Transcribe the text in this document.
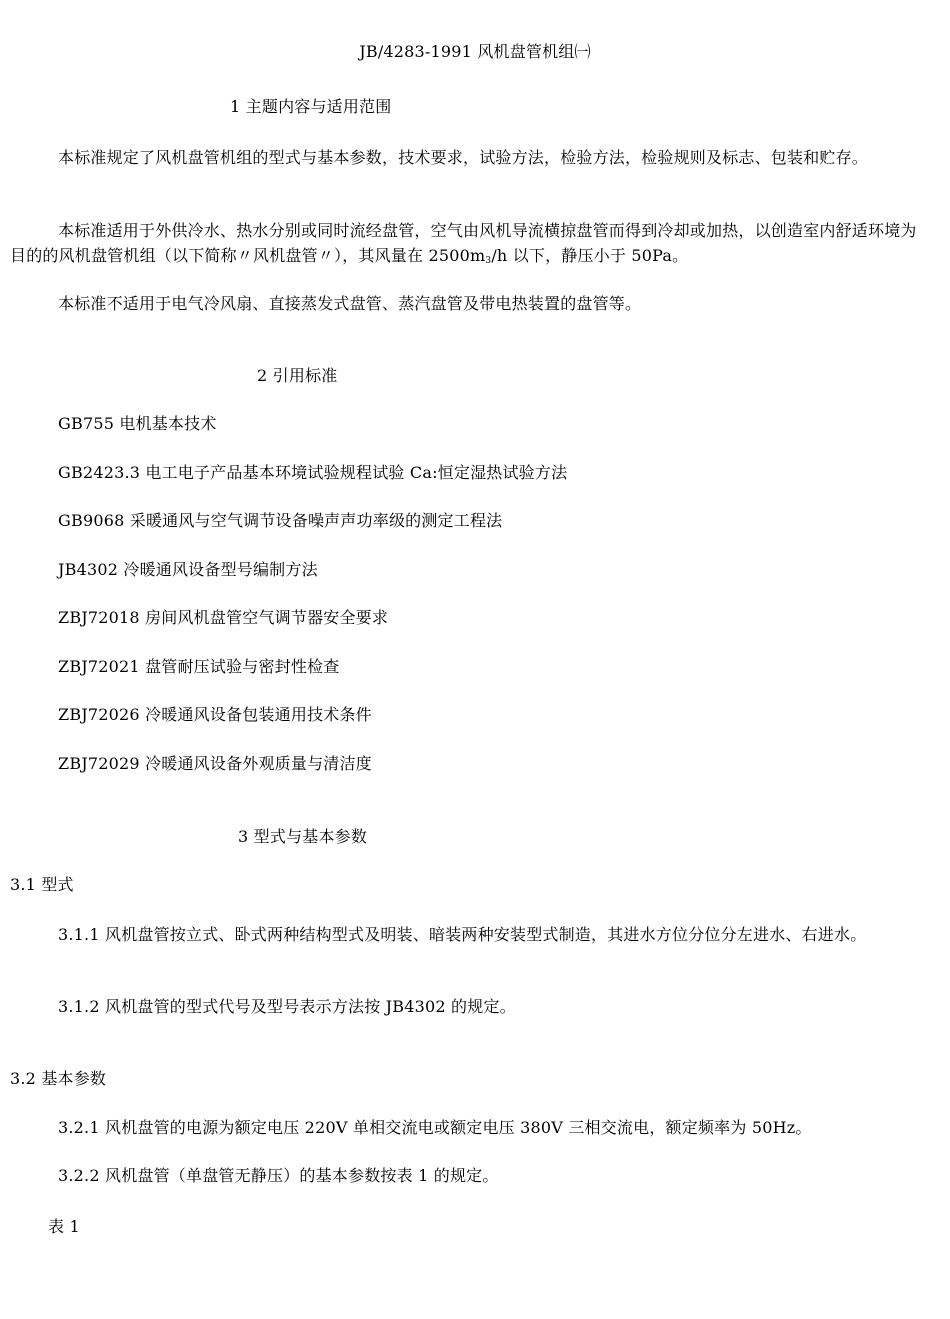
JB/4283-1991 风机盘管机组㈠
1 主题内容与适用范围
本标准规定了风机盘管机组的型式与基本参数，技术要求，试验方法，检验方法，检验规则及标志、包装和贮存。
本标准适用于外供冷水、热水分别或同时流经盘管，空气由风机导流横掠盘管而得到冷却或加热，以创造室内舒适环境为目的的风机盘管机组（以下简称〃风机盘管〃），其风量在 $2500m_3/h$ 以下，静压小于 50Pa。
本标准不适用于电气冷风扇、直接蒸发式盘管、蒸汽盘管及带电热装置的盘管等。
2 引用标准
GB755 电机基本技术
GB2423.3 电工电子产品基本环境试验规程试验 Ca:恒定湿热试验方法
GB9068 采暖通风与空气调节设备噪声声功率级的测定工程法
JB4302 冷暖通风设备型号编制方法
ZBJ72018 房间风机盘管空气调节器安全要求
ZBJ72021 盘管耐压试验与密封性检查
ZBJ72026 冷暖通风设备包装通用技术条件
ZBJ72029 冷暖通风设备外观质量与清洁度
3 型式与基本参数
3.1 型式
3.1.1 风机盘管按立式、卧式两种结构型式及明装、暗装两种安装型式制造，其进水方位分位分左进水、右进水。
3.1.2 风机盘管的型式代号及型号表示方法按 JB4302 的规定。
3.2 基本参数
3.2.1 风机盘管的电源为额定电压 220V 单相交流电或额定电压 380V 三相交流电，额定频率为 50Hz。
3.2.2 风机盘管（单盘管无静压）的基本参数按表 1 的规定。
表 1
